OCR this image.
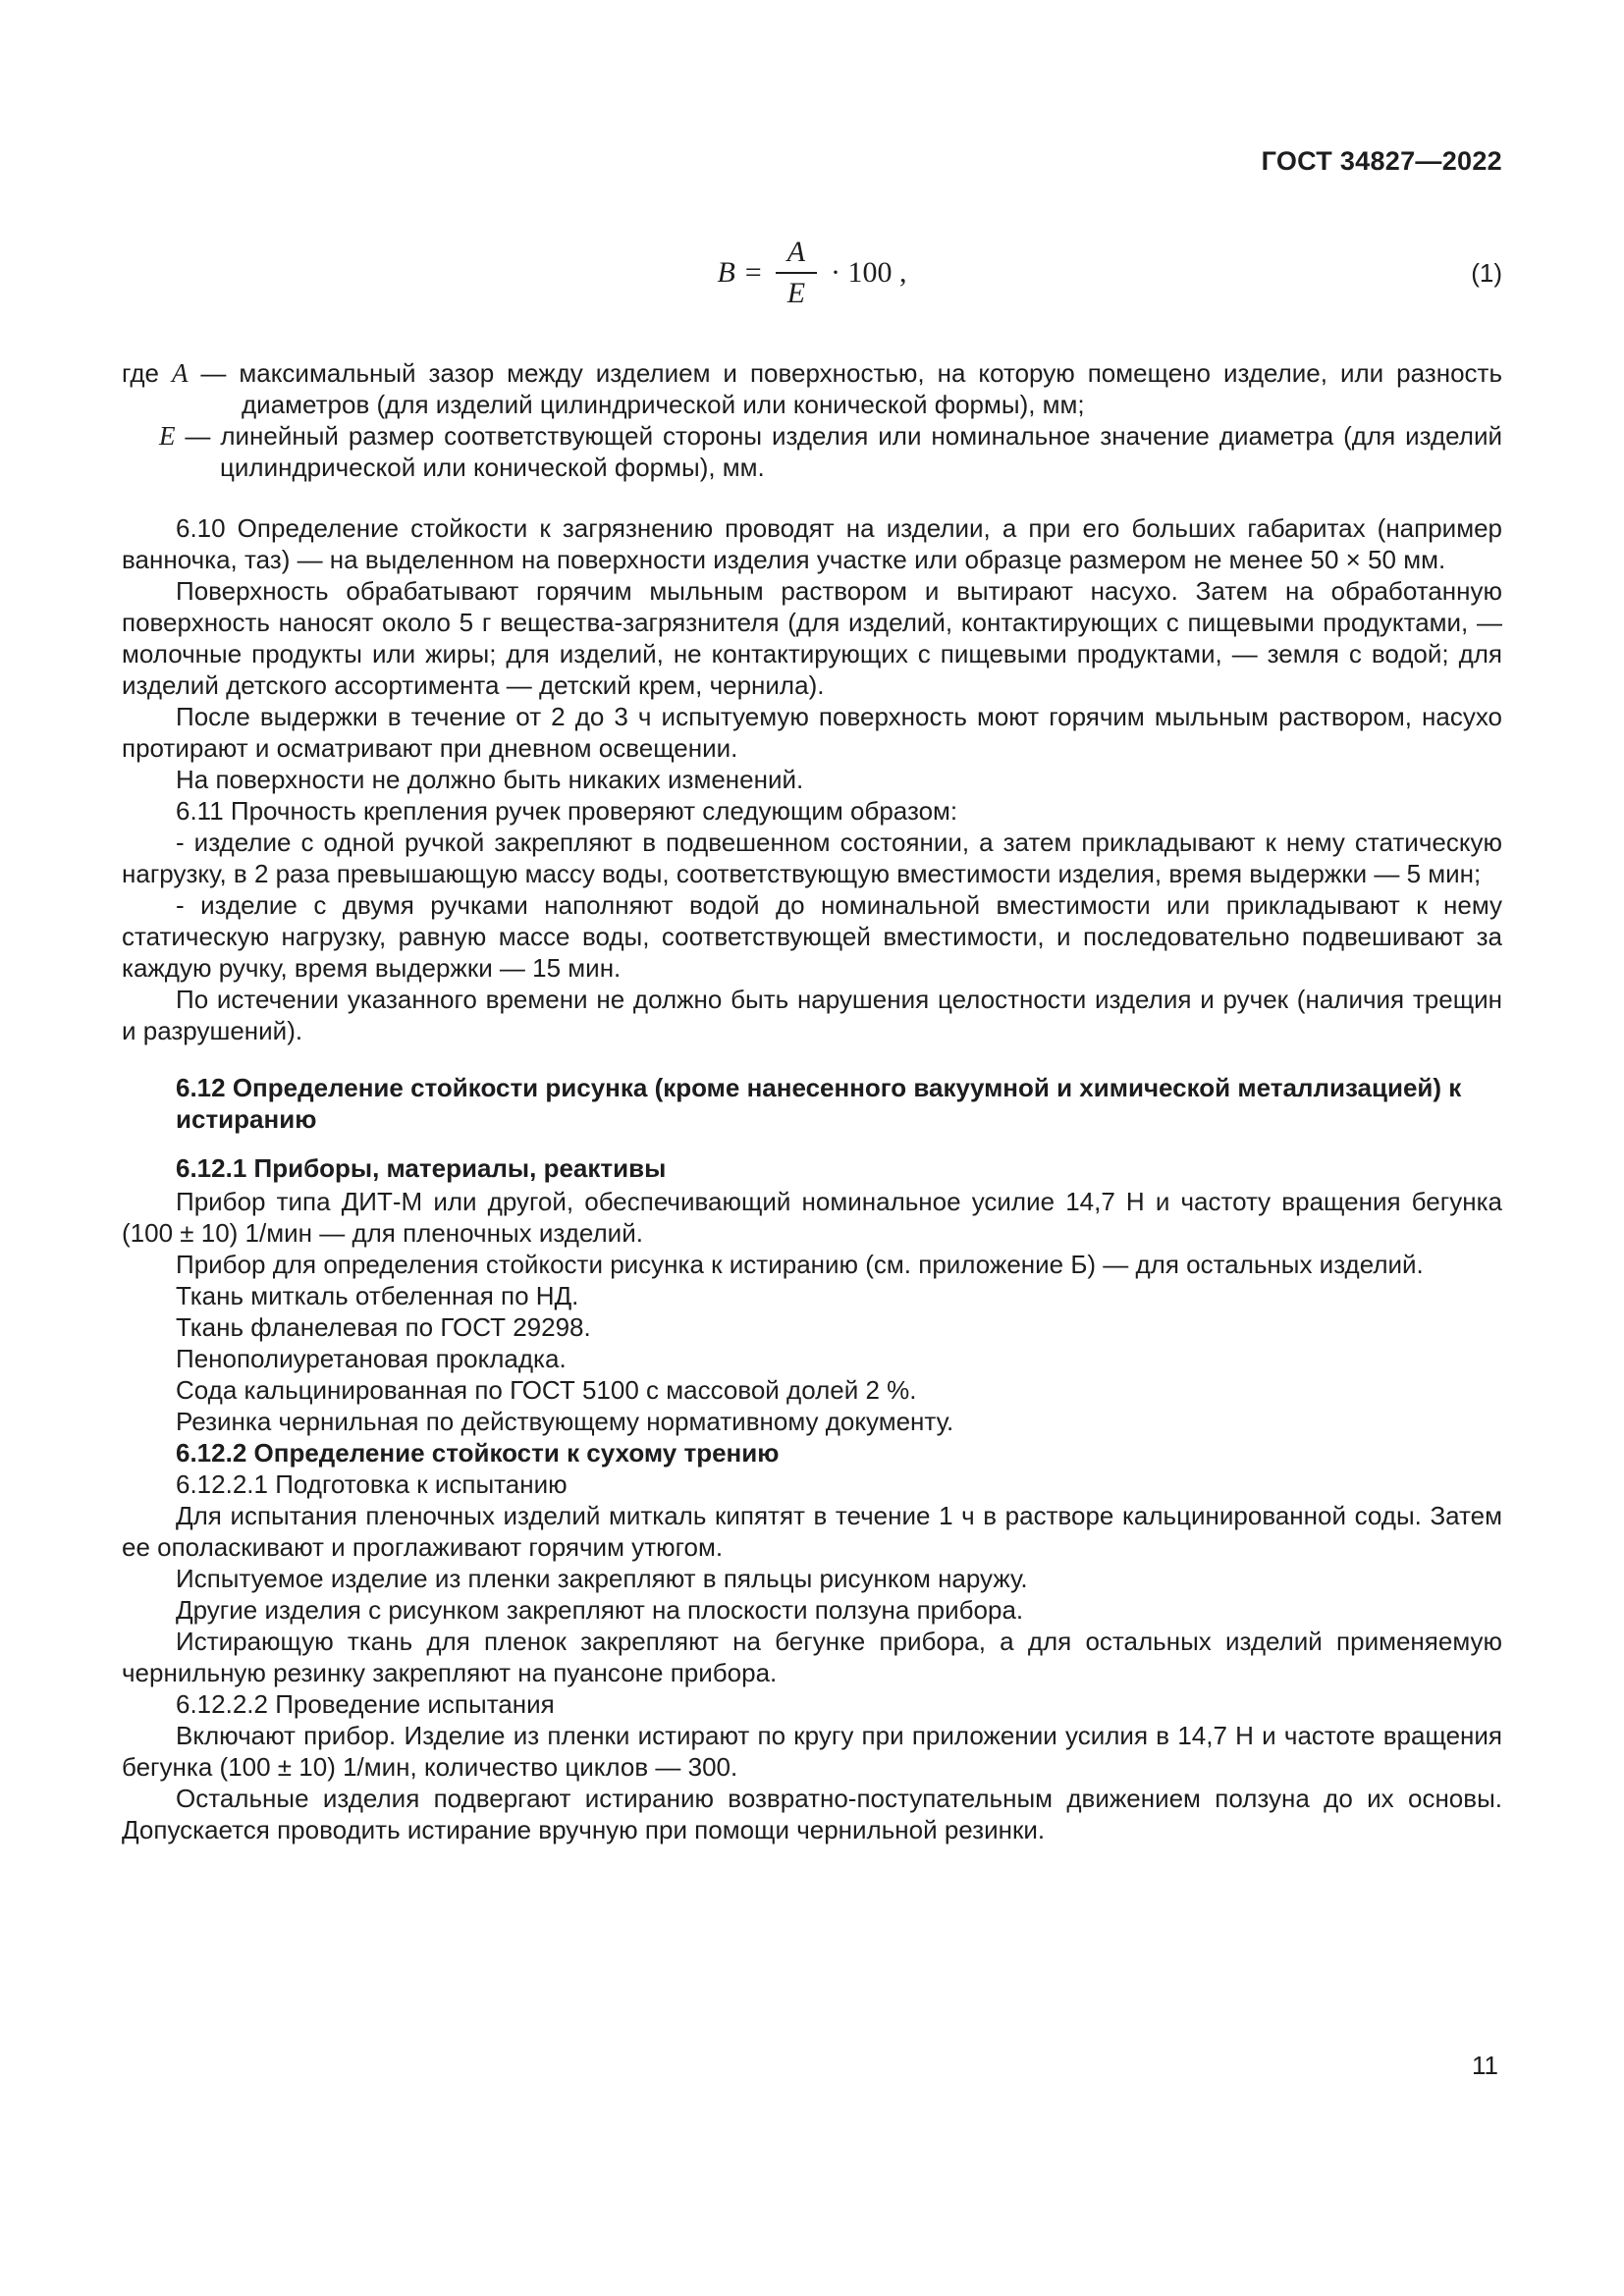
ГОСТ 34827—2022
$В = \frac{А}{Е} \cdot 100$ ,	(1)

где А — максимальный зазор между изделием и поверхностью, на которую помещено изделие, или разность диаметров (для изделий цилиндрической или конической формы), мм;

Е — линейный размер соответствующей стороны изделия или номинальное значение диаметра (для изделий цилиндрической или конической формы), мм.

6.10 Определение стойкости к загрязнению проводят на изделии, а при его больших габаритах (например ванночка, таз) — на выделенном на поверхности изделия участке или образце размером не менее 50 × 50 мм.

Поверхность обрабатывают горячим мыльным раствором и вытирают насухо. Затем на обработанную поверхность наносят около 5 г вещества-загрязнителя (для изделий, контактирующих с пищевыми продуктами, — молочные продукты или жиры; для изделий, не контактирующих с пищевыми продуктами, — земля с водой; для изделий детского ассортимента — детский крем, чернила).

После выдержки в течение от 2 до 3 ч испытуемую поверхность моют горячим мыльным раствором, насухо протирают и осматривают при дневном освещении.

На поверхности не должно быть никаких изменений.

6.11 Прочность крепления ручек проверяют следующим образом:

- изделие с одной ручкой закрепляют в подвешенном состоянии, а затем прикладывают к нему статическую нагрузку, в 2 раза превышающую массу воды, соответствующую вместимости изделия, время выдержки — 5 мин;

- изделие с двумя ручками наполняют водой до номинальной вместимости или прикладывают к нему статическую нагрузку, равную массе воды, соответствующей вместимости, и последовательно подвешивают за каждую ручку, время выдержки — 15 мин.

По истечении указанного времени не должно быть нарушения целостности изделия и ручек (наличия трещин и разрушений).

6.12 Определение стойкости рисунка (кроме нанесенного вакуумной и химической металлизацией) к истиранию

6.12.1 Приборы, материалы, реактивы

Прибор типа ДИТ-М или другой, обеспечивающий номинальное усилие 14,7 Н и частоту вращения бегунка (100 ± 10) 1/мин — для пленочных изделий.

Прибор для определения стойкости рисунка к истиранию (см. приложение Б) — для остальных изделий.

Ткань миткаль отбеленная по НД.

Ткань фланелевая по ГОСТ 29298.

Пенополиуретановая прокладка.

Сода кальцинированная по ГОСТ 5100 с массовой долей 2 %.

Резинка чернильная по действующему нормативному документу.

6.12.2 Определение стойкости к сухому трению

6.12.2.1 Подготовка к испытанию

Для испытания пленочных изделий миткаль кипятят в течение 1 ч в растворе кальцинированной соды. Затем ее ополаскивают и проглаживают горячим утюгом.

Испытуемое изделие из пленки закрепляют в пяльцы рисунком наружу.

Другие изделия с рисунком закрепляют на плоскости ползуна прибора.

Истирающую ткань для пленок закрепляют на бегунке прибора, а для остальных изделий применяемую чернильную резинку закрепляют на пуансоне прибора.

6.12.2.2 Проведение испытания

Включают прибор. Изделие из пленки истирают по кругу при приложении усилия в 14,7 Н и частоте вращения бегунка (100 ± 10) 1/мин, количество циклов — 300.

Остальные изделия подвергают истиранию возвратно-поступательным движением ползуна до их основы. Допускается проводить истирание вручную при помощи чернильной резинки.

11
